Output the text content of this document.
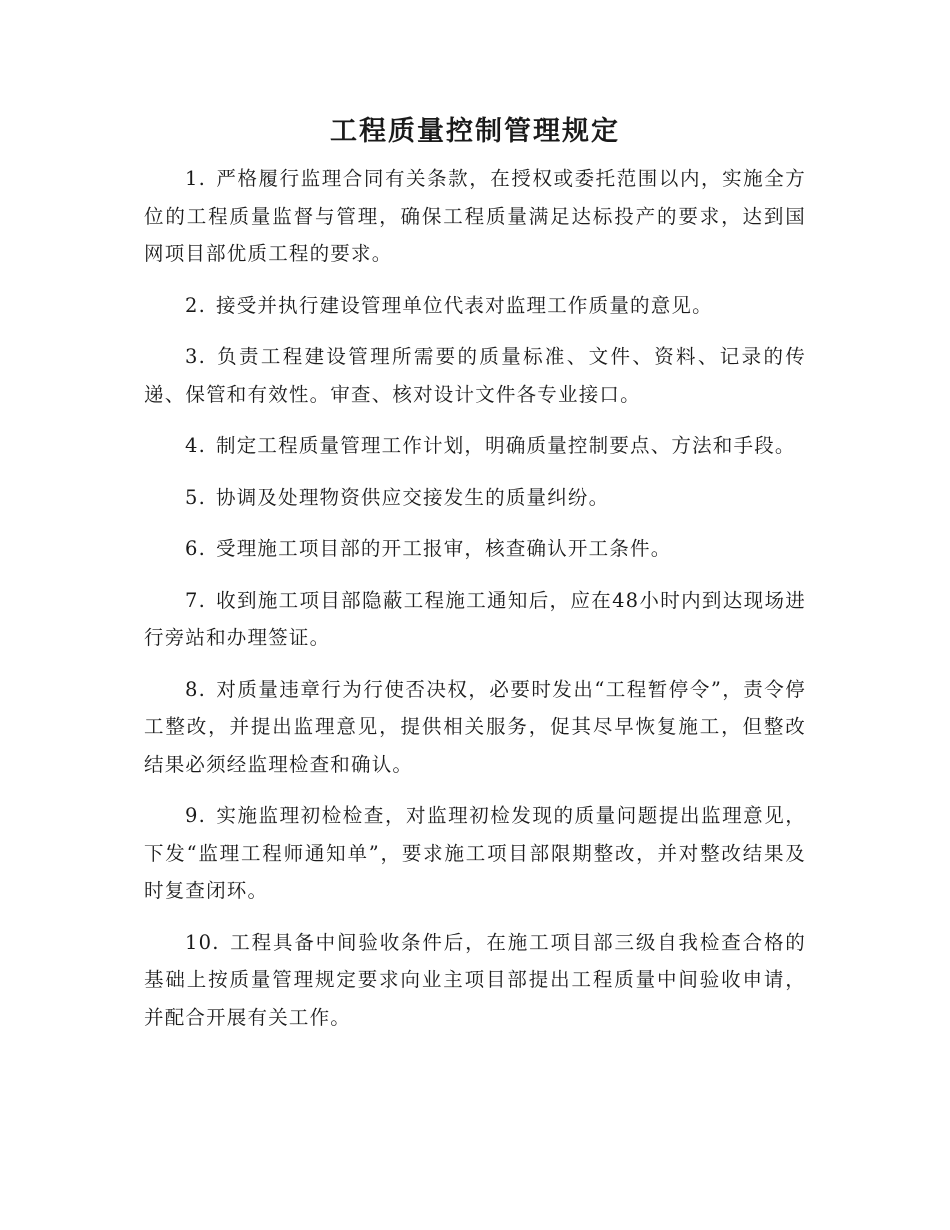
工程质量控制管理规定
1. 严格履行监理合同有关条款，在授权或委托范围以内，实施全方位的工程质量监督与管理，确保工程质量满足达标投产的要求，达到国网项目部优质工程的要求。
2. 接受并执行建设管理单位代表对监理工作质量的意见。
3. 负责工程建设管理所需要的质量标准、文件、资料、记录的传递、保管和有效性。审查、核对设计文件各专业接口。
4. 制定工程质量管理工作计划，明确质量控制要点、方法和手段。
5. 协调及处理物资供应交接发生的质量纠纷。
6. 受理施工项目部的开工报审，核查确认开工条件。
7. 收到施工项目部隐蔽工程施工通知后，应在48小时内到达现场进行旁站和办理签证。
8. 对质量违章行为行使否决权，必要时发出“工程暂停令”，责令停工整改，并提出监理意见，提供相关服务，促其尽早恢复施工，但整改结果必须经监理检查和确认。
9. 实施监理初检检查，对监理初检发现的质量问题提出监理意见，下发“监理工程师通知单”，要求施工项目部限期整改，并对整改结果及时复查闭环。
10. 工程具备中间验收条件后，在施工项目部三级自我检查合格的基础上按质量管理规定要求向业主项目部提出工程质量中间验收申请，并配合开展有关工作。
